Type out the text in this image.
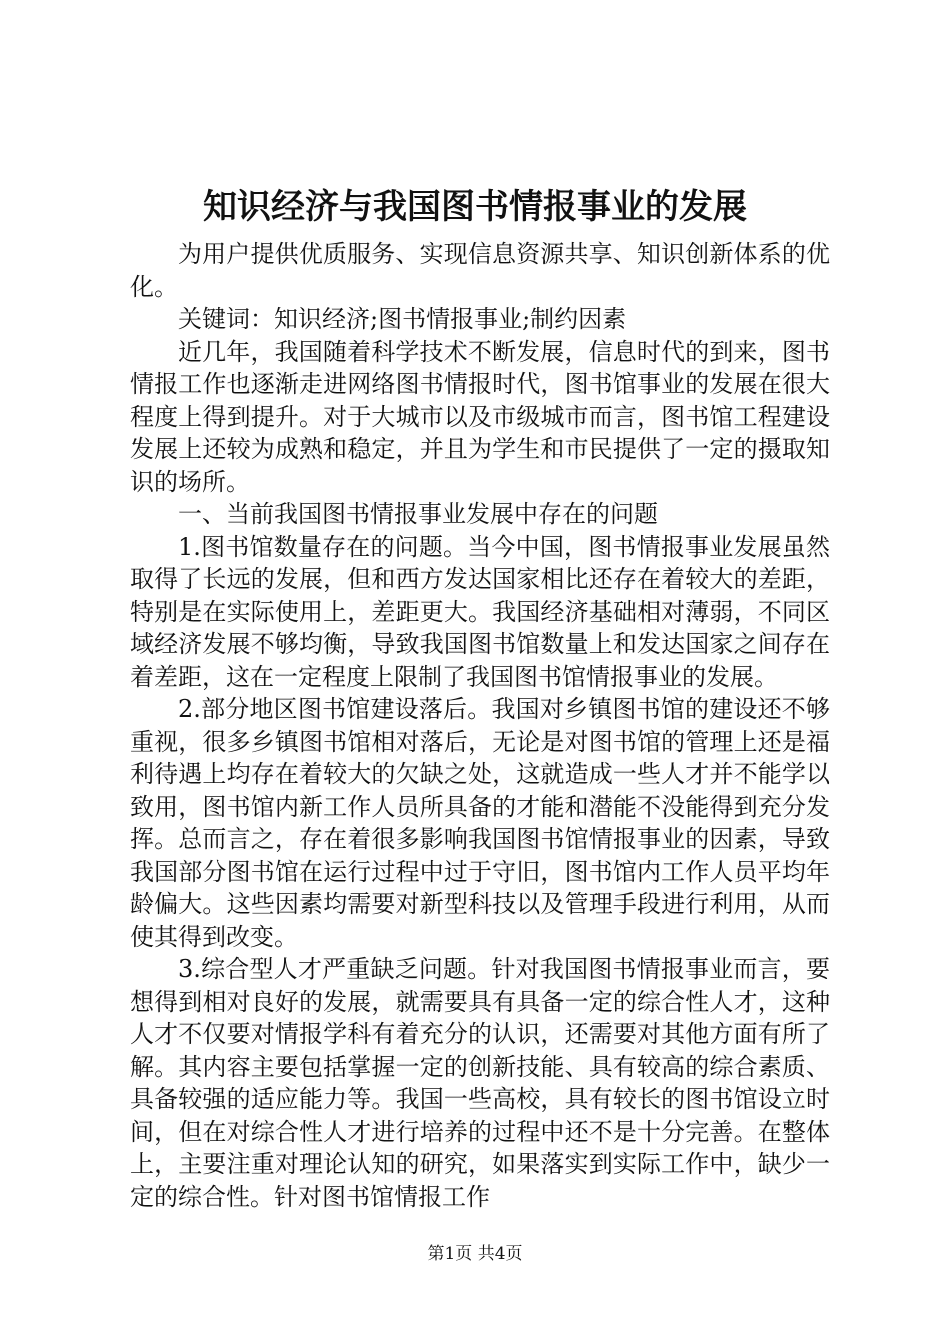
知识经济与我国图书情报事业的发展

为用户提供优质服务、实现信息资源共享、知识创新体系的优化。

关键词：知识经济;图书情报事业;制约因素

近几年，我国随着科学技术不断发展，信息时代的到来，图书情报工作也逐渐走进网络图书情报时代，图书馆事业的发展在很大程度上得到提升。对于大城市以及市级城市而言，图书馆工程建设发展上还较为成熟和稳定，并且为学生和市民提供了一定的摄取知识的场所。

一、当前我国图书情报事业发展中存在的问题

1.图书馆数量存在的问题。当今中国，图书情报事业发展虽然取得了长远的发展，但和西方发达国家相比还存在着较大的差距，特别是在实际使用上，差距更大。我国经济基础相对薄弱，不同区域经济发展不够均衡，导致我国图书馆数量上和发达国家之间存在着差距，这在一定程度上限制了我国图书馆情报事业的发展。

2.部分地区图书馆建设落后。我国对乡镇图书馆的建设还不够重视，很多乡镇图书馆相对落后，无论是对图书馆的管理上还是福利待遇上均存在着较大的欠缺之处，这就造成一些人才并不能学以致用，图书馆内新工作人员所具备的才能和潜能不没能得到充分发挥。总而言之，存在着很多影响我国图书馆情报事业的因素，导致我国部分图书馆在运行过程中过于守旧，图书馆内工作人员平均年龄偏大。这些因素均需要对新型科技以及管理手段进行利用，从而使其得到改变。

3.综合型人才严重缺乏问题。针对我国图书情报事业而言，要想得到相对良好的发展，就需要具有具备一定的综合性人才，这种人才不仅要对情报学科有着充分的认识，还需要对其他方面有所了解。其内容主要包括掌握一定的创新技能、具有较高的综合素质、具备较强的适应能力等。我国一些高校，具有较长的图书馆设立时间，但在对综合性人才进行培养的过程中还不是十分完善。在整体上，主要注重对理论认知的研究，如果落实到实际工作中，缺少一定的综合性。针对图书馆情报工作

第1页 共4页
